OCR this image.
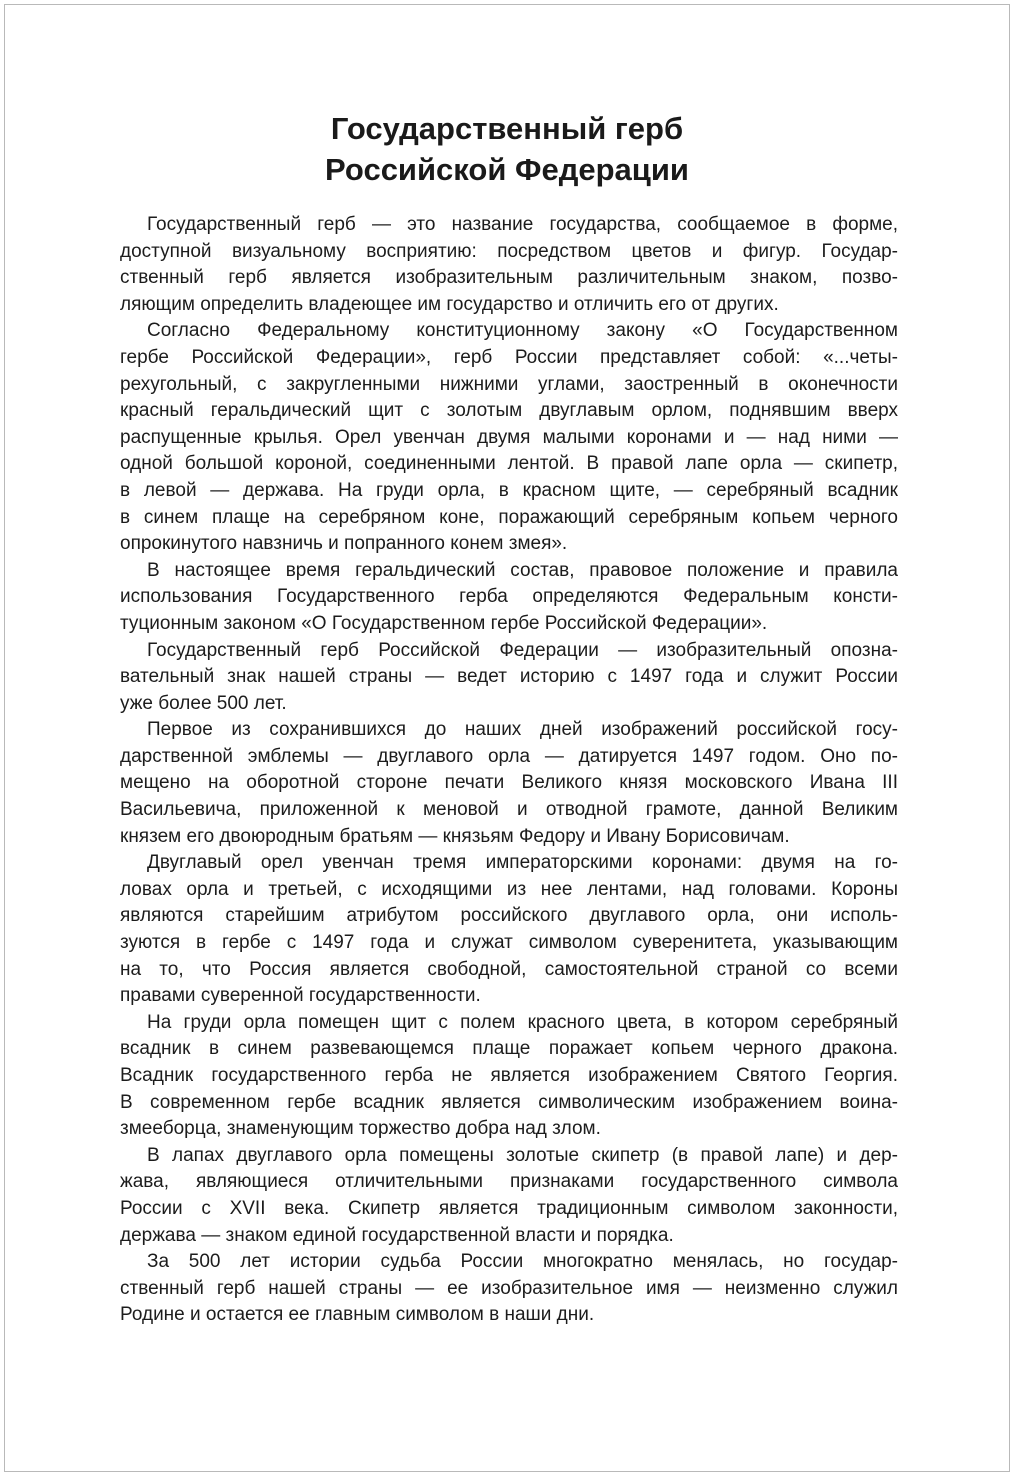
Государственный герб
Российской Федерации
Государственный герб — это название государства, сообщаемое в форме,
доступной визуальному восприятию: посредством цветов и фигур. Государ-
ственный герб является изобразительным различительным знаком, позво-
ляющим определить владеющее им государство и отличить его от других.
Согласно Федеральному конституционному закону «О Государственном
гербе Российской Федерации», герб России представляет собой: «...четы-
рехугольный, с закругленными нижними углами, заостренный в оконечности
красный геральдический щит с золотым двуглавым орлом, поднявшим вверх
распущенные крылья. Орел увенчан двумя малыми коронами и — над ними —
одной большой короной, соединенными лентой. В правой лапе орла — скипетр,
в левой — держава. На груди орла, в красном щите, — серебряный всадник
в синем плаще на серебряном коне, поражающий серебряным копьем черного
опрокинутого навзничь и попранного конем змея».
В настоящее время геральдический состав, правовое положение и правила
использования Государственного герба определяются Федеральным консти-
туционным законом «О Государственном гербе Российской Федерации».
Государственный герб Российской Федерации — изобразительный опозна-
вательный знак нашей страны — ведет историю с 1497 года и служит России
уже более 500 лет.
Первое из сохранившихся до наших дней изображений российской госу-
дарственной эмблемы — двуглавого орла — датируется 1497 годом. Оно по-
мещено на оборотной стороне печати Великого князя московского Ивана III
Васильевича, приложенной к меновой и отводной грамоте, данной Великим
князем его двоюродным братьям — князьям Федору и Ивану Борисовичам.
Двуглавый орел увенчан тремя императорскими коронами: двумя на го-
ловах орла и третьей, с исходящими из нее лентами, над головами. Короны
являются старейшим атрибутом российского двуглавого орла, они исполь-
зуются в гербе с 1497 года и служат символом суверенитета, указывающим
на то, что Россия является свободной, самостоятельной страной со всеми
правами суверенной государственности.
На груди орла помещен щит с полем красного цвета, в котором серебряный
всадник в синем развевающемся плаще поражает копьем черного дракона.
Всадник государственного герба не является изображением Святого Георгия.
В современном гербе всадник является символическим изображением воина-
змееборца, знаменующим торжество добра над злом.
В лапах двуглавого орла помещены золотые скипетр (в правой лапе) и дер-
жава, являющиеся отличительными признаками государственного символа
России с XVII века. Скипетр является традиционным символом законности,
держава — знаком единой государственной власти и порядка.
За 500 лет истории судьба России многократно менялась, но государ-
ственный герб нашей страны — ее изобразительное имя — неизменно служил
Родине и остается ее главным символом в наши дни.
